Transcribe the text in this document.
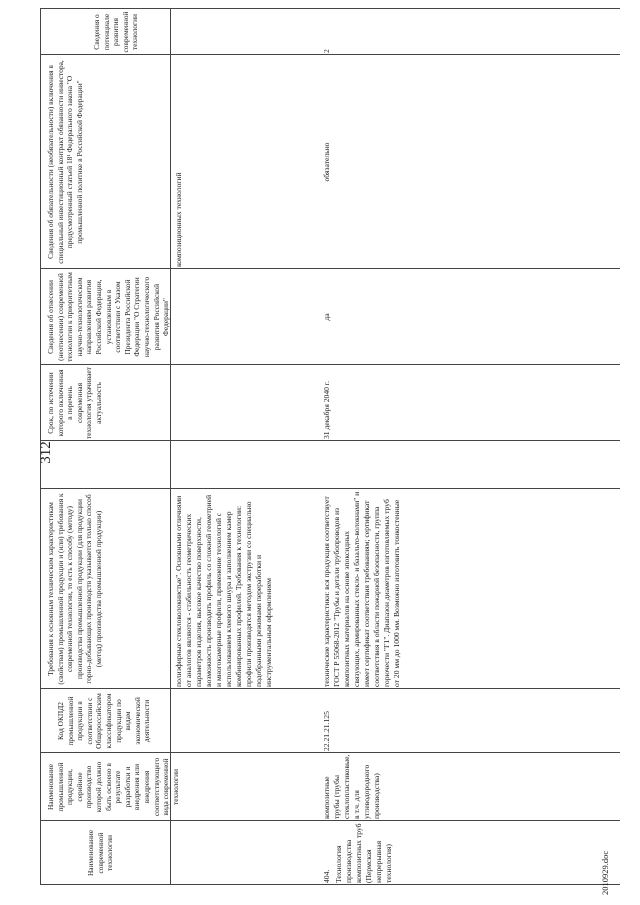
312
Наименование современной технологии
Наименование промышленной продукции, серийное производство которой должно быть освоено в результате разработки и внедрения или внедрения соответствующего вида современной технологии
Требования к основным техническим характеристикам (свойствам) промышленной продукции и (или) требования к современной технологии, то есть к способу (методу) производства промышленной продукции (для продукции горно-добывающих производств указывается только способ (метод) производства промышленной продукции)
Код ОКПД2 промышленной продукции в соответствии с Общероссийским классификатором продукции по видам экономической деятельности
Срок, по истечении которого включенная в перечень современная технология утрачивает актуальность
Сведения об отнесении (неотнесении) современной технологии к приоритетным научно-технологическим направлениям развития Российской Федерации, установленным в соответствии с Указом Президента Российской Федерации "О Стратегии научно-технологического развития Российской Федерации"
Сведения об обязательности (необязательности) включения в специальный инвестиционный контракт обязанности инвестора, предусмотренный статьей 18¹ Федерального закона "О промышленной политике в Российской Федерации"
Сведения о потенциале развития современной технологии
полиэфирные стекловолокнистые". Основными отличиями от аналогов являются - стабильность геометрических параметров изделия, высокое качество поверхности, возможность производить профиль со сложной геометрией и многокамерные профили, применение технологий с использованием клеевого шнура и заполнением камер комбинированных профилей. Требования к технологии: профили производятся методом экструзии со специально подобранными режимами переработки и инструментальным оформлением
композиционных технологий
404. Технология производства композитных труб (Пермская непрерывная технология)
композитные трубы (трубы стеклопластиковые, в т.ч. для углеводородного производства)
22.21.21.125
технические характеристики: вся продукция соответствует ГОСТ Р 55068-2012 "Трубы и детали трубопроводов из композитных материалов на основе эпоксидных связующих, армированных стекло- и базальто-волокнами" и имеет сертификат соответствия требованиям; сертификат соответствия в области пожарной безопасности, группа горючести "Г1". Диапазон диаметров изготовляемых труб от 20 мм до 1000 мм. Возможно изготовить тонкостенные
31 декабря 2040 г.
да
обязательно
2
2010929.doc
